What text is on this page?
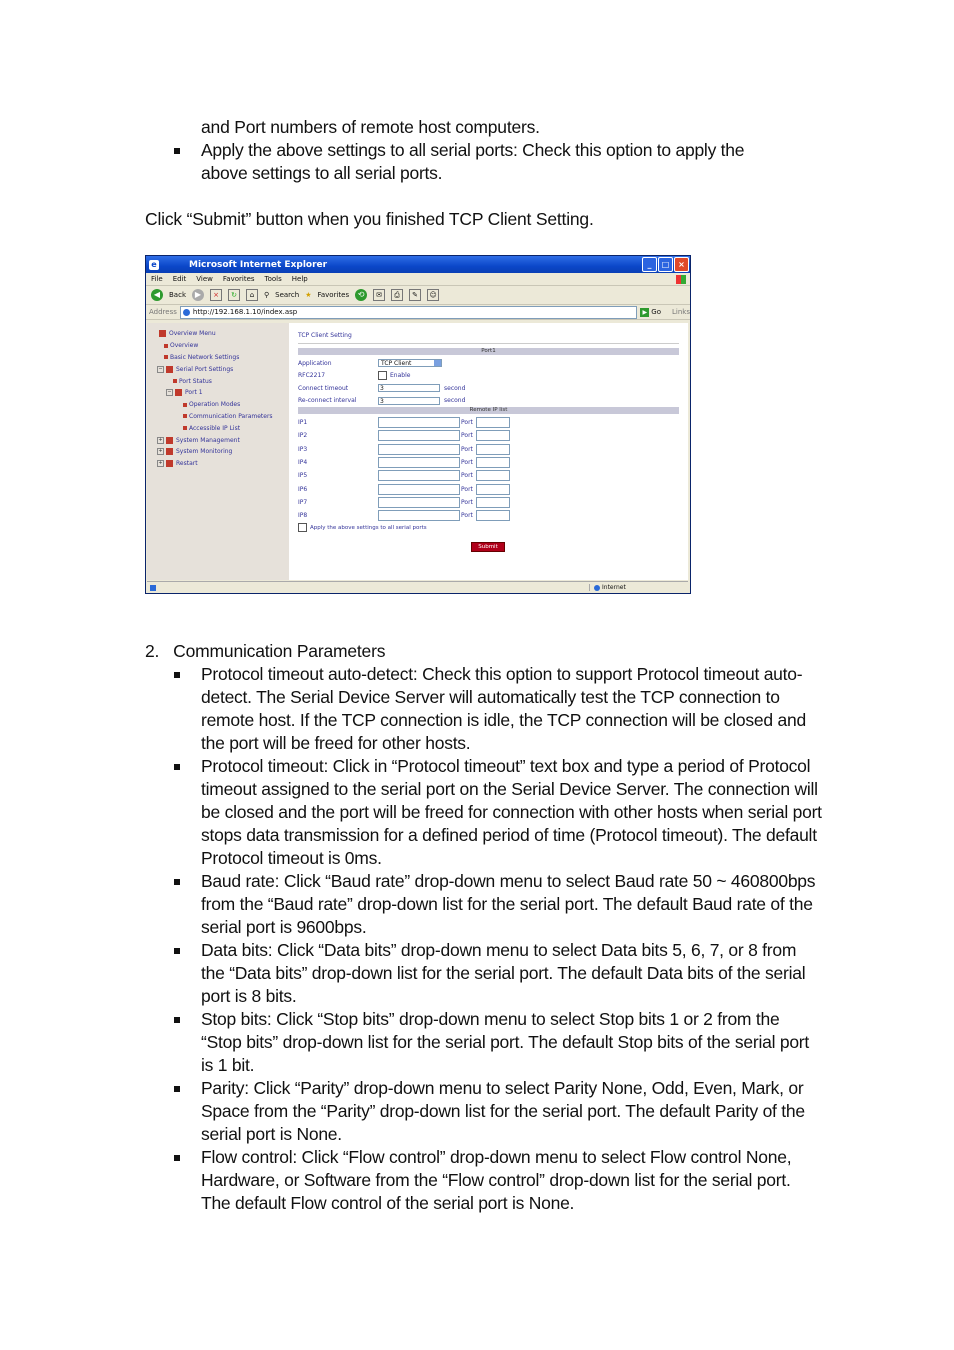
and Port numbers of remote host computers.
Apply the above settings to all serial ports: Check this option to apply the above settings to all serial ports.
Click “Submit” button when you finished TCP Client Setting.
e	Microsoft Internet Explorer	_	□	×
File Edit View Favorites Tools Help
◀	Back	▶	×	↻	⌂	⚲ Search ★ Favorites	⟲	✉	⎙	✎	☺
Address http://192.168.1.10/index.asp	▶ Go Links
Overview Menu
Overview
Basic Network Settings
− Serial Port Settings
Port Status
− Port 1
Operation Modes
Communication Parameters
Accessible IP List
+ System Management
+ System Monitoring
+ Restart
TCP Client Setting
Port1
Application	TCP Client
RFC2217	Enable
Connect timeout	3	second
Re-connect interval	3	second
Remote IP list
IP1	Port
IP2	Port
IP3	Port
IP4	Port
IP5	Port
IP6	Port
IP7	Port
IP8	Port
Apply the above settings to all serial ports
Submit
Internet
2.   Communication Parameters
Protocol timeout auto-detect: Check this option to support Protocol timeout auto-detect. The Serial Device Server will automatically test the TCP connection to remote host. If the TCP connection is idle, the TCP connection will be closed and the port will be freed for other hosts.
Protocol timeout: Click in “Protocol timeout” text box and type a period of Protocol timeout assigned to the serial port on the Serial Device Server. The connection will be closed and the port will be freed for connection with other hosts when serial port stops data transmission for a defined period of time (Protocol timeout). The default Protocol timeout is 0ms.
Baud rate: Click “Baud rate” drop-down menu to select Baud rate 50 ~ 460800bps from the “Baud rate” drop-down list for the serial port. The default Baud rate of the serial port is 9600bps.
Data bits: Click “Data bits” drop-down menu to select Data bits 5, 6, 7, or 8 from the “Data bits” drop-down list for the serial port. The default Data bits of the serial port is 8 bits.
Stop bits: Click “Stop bits” drop-down menu to select Stop bits 1 or 2 from the “Stop bits” drop-down list for the serial port. The default Stop bits of the serial port is 1 bit.
Parity: Click “Parity” drop-down menu to select Parity None, Odd, Even, Mark, or Space from the “Parity” drop-down list for the serial port. The default Parity of the serial port is None.
Flow control: Click “Flow control” drop-down menu to select Flow control None, Hardware, or Software from the “Flow control” drop-down list for the serial port. The default Flow control of the serial port is None.
